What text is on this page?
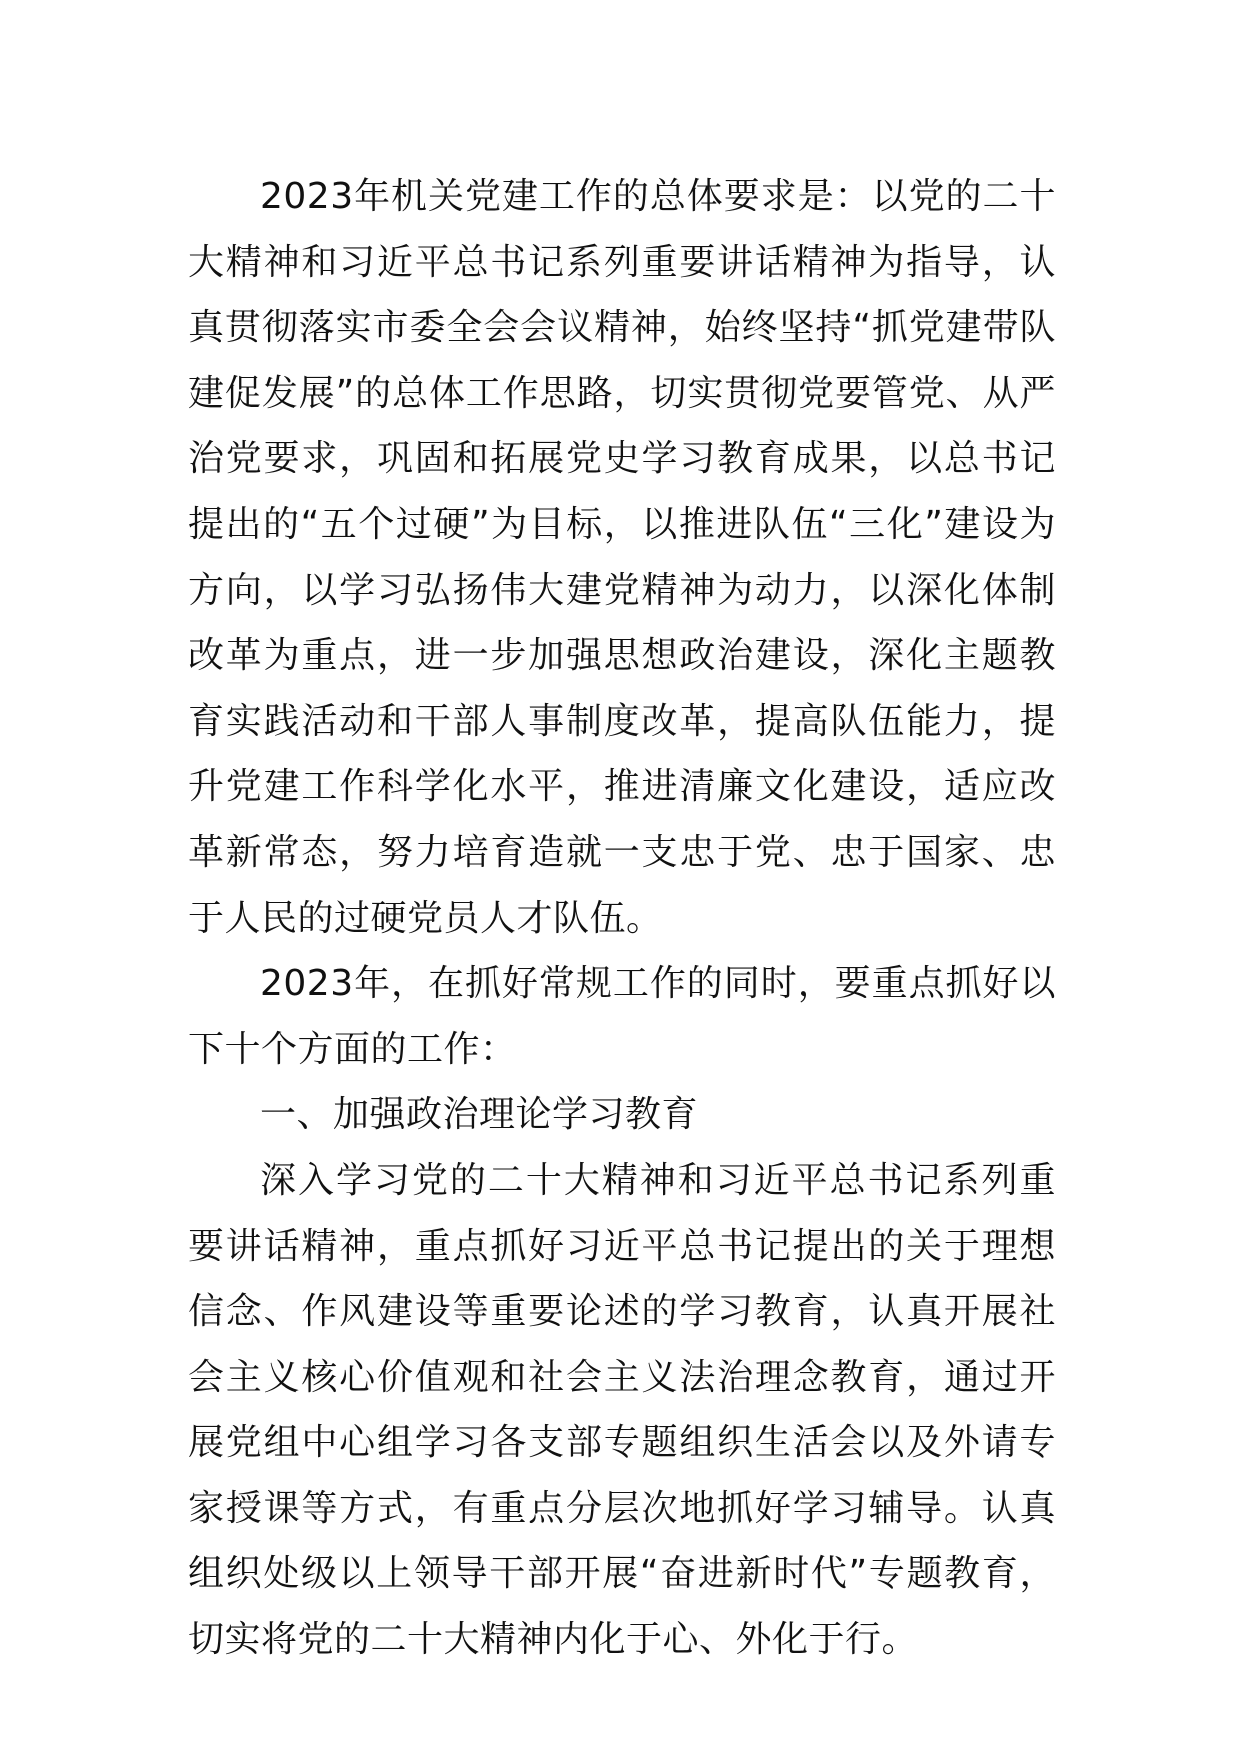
2023年机关党建工作的总体要求是：以党的二十大精神和习近平总书记系列重要讲话精神为指导，认真贯彻落实市委全会会议精神，始终坚持“抓党建带队建促发展”的总体工作思路，切实贯彻党要管党、从严治党要求，巩固和拓展党史学习教育成果，以总书记提出的“五个过硬”为目标，以推进队伍“三化”建设为方向，以学习弘扬伟大建党精神为动力，以深化体制改革为重点，进一步加强思想政治建设，深化主题教育实践活动和干部人事制度改革，提高队伍能力，提升党建工作科学化水平，推进清廉文化建设，适应改革新常态，努力培育造就一支忠于党、忠于国家、忠于人民的过硬党员人才队伍。

2023年，在抓好常规工作的同时，要重点抓好以下十个方面的工作：

一、加强政治理论学习教育

深入学习党的二十大精神和习近平总书记系列重要讲话精神，重点抓好习近平总书记提出的关于理想信念、作风建设等重要论述的学习教育，认真开展社会主义核心价值观和社会主义法治理念教育，通过开展党组中心组学习各支部专题组织生活会以及外请专家授课等方式，有重点分层次地抓好学习辅导。认真组织处级以上领导干部开展“奋进新时代”专题教育，切实将党的二十大精神内化于心、外化于行。
